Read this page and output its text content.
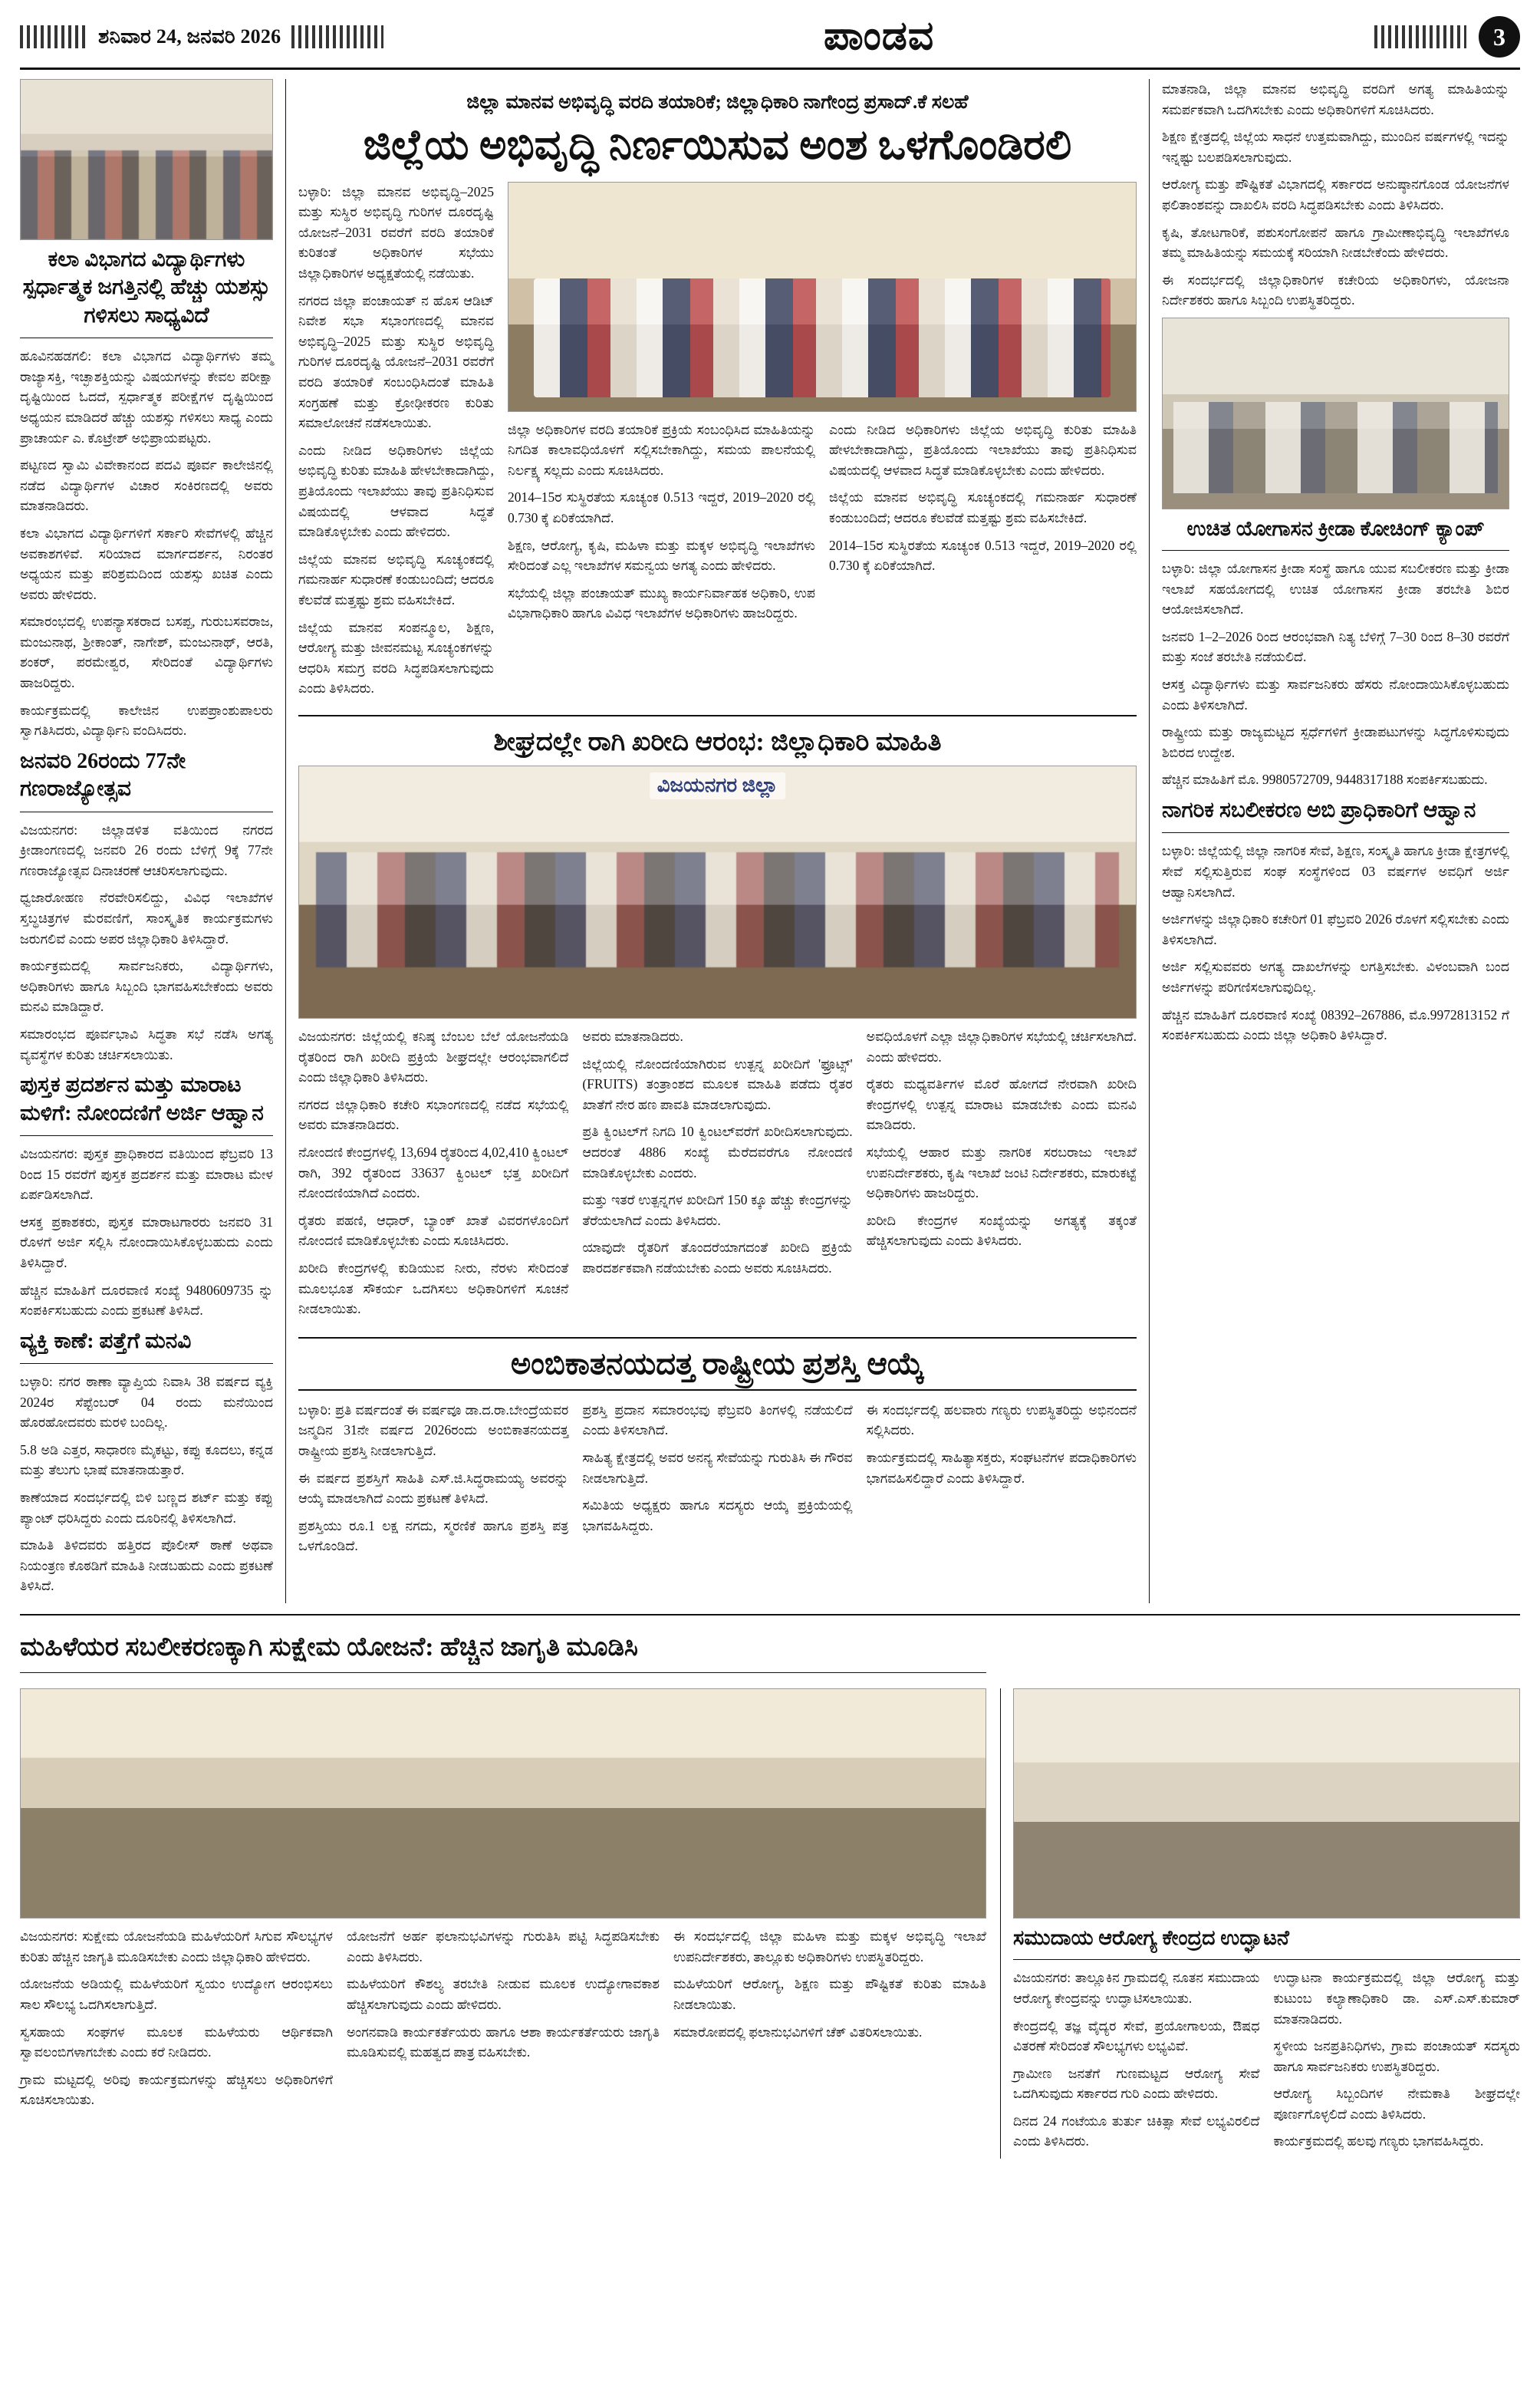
ಶನಿವಾರ 24, ಜನವರಿ 2026	ಪಾಂಡವ	3
ಕಲಾ ವಿಭಾಗದ ವಿದ್ಯಾರ್ಥಿಗಳು ಸ್ಪರ್ಧಾತ್ಮಕ ಜಗತ್ತಿನಲ್ಲಿ ಹೆಚ್ಚು ಯಶಸ್ಸು ಗಳಿಸಲು ಸಾಧ್ಯವಿದೆ

ಹೂವಿನಹಡಗಲಿ: ಕಲಾ ವಿಭಾಗದ ವಿದ್ಯಾರ್ಥಿಗಳು ತಮ್ಮ ರಾಜ್ಯಾಸಕ್ತಿ, ಇಚ್ಛಾಶಕ್ತಿಯನ್ನು ವಿಷಯಗಳನ್ನು ಕೇವಲ ಪರೀಕ್ಷಾ ದೃಷ್ಟಿಯಿಂದ ಓದದೆ, ಸ್ಪರ್ಧಾತ್ಮಕ ಪರೀಕ್ಷೆಗಳ ದೃಷ್ಟಿಯಿಂದ ಅಧ್ಯಯನ ಮಾಡಿದರೆ ಹೆಚ್ಚು ಯಶಸ್ಸು ಗಳಿಸಲು ಸಾಧ್ಯ ಎಂದು ಪ್ರಾಚಾರ್ಯ ಎ. ಕೊಟ್ರೇಶ್ ಅಭಿಪ್ರಾಯಪಟ್ಟರು.

ಪಟ್ಟಣದ ಸ್ವಾಮಿ ವಿವೇಕಾನಂದ ಪದವಿ ಪೂರ್ವ ಕಾಲೇಜಿನಲ್ಲಿ ನಡೆದ ವಿದ್ಯಾರ್ಥಿಗಳ ವಿಚಾರ ಸಂಕಿರಣದಲ್ಲಿ ಅವರು ಮಾತನಾಡಿದರು.

ಕಲಾ ವಿಭಾಗದ ವಿದ್ಯಾರ್ಥಿಗಳಿಗೆ ಸರ್ಕಾರಿ ಸೇವೆಗಳಲ್ಲಿ ಹೆಚ್ಚಿನ ಅವಕಾಶಗಳಿವೆ. ಸರಿಯಾದ ಮಾರ್ಗದರ್ಶನ, ನಿರಂತರ ಅಧ್ಯಯನ ಮತ್ತು ಪರಿಶ್ರಮದಿಂದ ಯಶಸ್ಸು ಖಚಿತ ಎಂದು ಅವರು ಹೇಳಿದರು.

ಸಮಾರಂಭದಲ್ಲಿ ಉಪನ್ಯಾಸಕರಾದ ಬಸಪ್ಪ, ಗುರುಬಸವರಾಜ, ಮಂಜುನಾಥ, ಶ್ರೀಕಾಂತ್, ನಾಗೇಶ್, ಮಂಜುನಾಥ್, ಆರತಿ, ಶಂಕರ್, ಪರಮೇಶ್ವರ, ಸೇರಿದಂತೆ ವಿದ್ಯಾರ್ಥಿಗಳು ಹಾಜರಿದ್ದರು.

ಕಾರ್ಯಕ್ರಮದಲ್ಲಿ ಕಾಲೇಜಿನ ಉಪಪ್ರಾಂಶುಪಾಲರು ಸ್ವಾಗತಿಸಿದರು, ವಿದ್ಯಾರ್ಥಿನಿ ವಂದಿಸಿದರು.

ಜನವರಿ 26ರಂದು 77ನೇ ಗಣರಾಜ್ಯೋತ್ಸವ

ವಿಜಯನಗರ: ಜಿಲ್ಲಾಡಳಿತ ವತಿಯಿಂದ ನಗರದ ಕ್ರೀಡಾಂಗಣದಲ್ಲಿ ಜನವರಿ 26 ರಂದು ಬೆಳಿಗ್ಗೆ 9ಕ್ಕೆ 77ನೇ ಗಣರಾಜ್ಯೋತ್ಸವ ದಿನಾಚರಣೆ ಆಚರಿಸಲಾಗುವುದು.

ಧ್ವಜಾರೋಹಣ ನೆರವೇರಿಸಲಿದ್ದು, ವಿವಿಧ ಇಲಾಖೆಗಳ ಸ್ತಬ್ಧಚಿತ್ರಗಳ ಮೆರವಣಿಗೆ, ಸಾಂಸ್ಕೃತಿಕ ಕಾರ್ಯಕ್ರಮಗಳು ಜರುಗಲಿವೆ ಎಂದು ಅಪರ ಜಿಲ್ಲಾಧಿಕಾರಿ ತಿಳಿಸಿದ್ದಾರೆ.

ಕಾರ್ಯಕ್ರಮದಲ್ಲಿ ಸಾರ್ವಜನಿಕರು, ವಿದ್ಯಾರ್ಥಿಗಳು, ಅಧಿಕಾರಿಗಳು ಹಾಗೂ ಸಿಬ್ಬಂದಿ ಭಾಗವಹಿಸಬೇಕೆಂದು ಅವರು ಮನವಿ ಮಾಡಿದ್ದಾರೆ.

ಸಮಾರಂಭದ ಪೂರ್ವಭಾವಿ ಸಿದ್ಧತಾ ಸಭೆ ನಡೆಸಿ ಅಗತ್ಯ ವ್ಯವಸ್ಥೆಗಳ ಕುರಿತು ಚರ್ಚಿಸಲಾಯಿತು.

ಪುಸ್ತಕ ಪ್ರದರ್ಶನ ಮತ್ತು ಮಾರಾಟ ಮಳಿಗೆ: ನೋಂದಣಿಗೆ ಅರ್ಜಿ ಆಹ್ವಾನ

ವಿಜಯನಗರ: ಪುಸ್ತಕ ಪ್ರಾಧಿಕಾರದ ವತಿಯಿಂದ ಫೆಬ್ರವರಿ 13 ರಿಂದ 15 ರವರೆಗೆ ಪುಸ್ತಕ ಪ್ರದರ್ಶನ ಮತ್ತು ಮಾರಾಟ ಮೇಳ ಏರ್ಪಡಿಸಲಾಗಿದೆ.

ಆಸಕ್ತ ಪ್ರಕಾಶಕರು, ಪುಸ್ತಕ ಮಾರಾಟಗಾರರು ಜನವರಿ 31 ರೊಳಗೆ ಅರ್ಜಿ ಸಲ್ಲಿಸಿ ನೋಂದಾಯಿಸಿಕೊಳ್ಳಬಹುದು ಎಂದು ತಿಳಿಸಿದ್ದಾರೆ.

ಹೆಚ್ಚಿನ ಮಾಹಿತಿಗೆ ದೂರವಾಣಿ ಸಂಖ್ಯೆ 9480609735 ನ್ನು ಸಂಪರ್ಕಿಸಬಹುದು ಎಂದು ಪ್ರಕಟಣೆ ತಿಳಿಸಿದೆ.

ವ್ಯಕ್ತಿ ಕಾಣೆ: ಪತ್ತೆಗೆ ಮನವಿ

ಬಳ್ಳಾರಿ: ನಗರ ಠಾಣಾ ವ್ಯಾಪ್ತಿಯ ನಿವಾಸಿ 38 ವರ್ಷದ ವ್ಯಕ್ತಿ 2024ರ ಸೆಪ್ಟೆಂಬರ್ 04 ರಂದು ಮನೆಯಿಂದ ಹೊರಹೋದವರು ಮರಳಿ ಬಂದಿಲ್ಲ.

5.8 ಅಡಿ ಎತ್ತರ, ಸಾಧಾರಣ ಮೈಕಟ್ಟು, ಕಪ್ಪು ಕೂದಲು, ಕನ್ನಡ ಮತ್ತು ತೆಲುಗು ಭಾಷೆ ಮಾತನಾಡುತ್ತಾರೆ.

ಕಾಣೆಯಾದ ಸಂದರ್ಭದಲ್ಲಿ ಬಿಳಿ ಬಣ್ಣದ ಶರ್ಟ್ ಮತ್ತು ಕಪ್ಪು ಪ್ಯಾಂಟ್ ಧರಿಸಿದ್ದರು ಎಂದು ದೂರಿನಲ್ಲಿ ತಿಳಿಸಲಾಗಿದೆ.

ಮಾಹಿತಿ ತಿಳಿದವರು ಹತ್ತಿರದ ಪೊಲೀಸ್ ಠಾಣೆ ಅಥವಾ ನಿಯಂತ್ರಣ ಕೊಠಡಿಗೆ ಮಾಹಿತಿ ನೀಡಬಹುದು ಎಂದು ಪ್ರಕಟಣೆ ತಿಳಿಸಿದೆ.

ಜಿಲ್ಲಾ ಮಾನವ ಅಭಿವೃದ್ಧಿ ವರದಿ ತಯಾರಿಕೆ; ಜಿಲ್ಲಾಧಿಕಾರಿ ನಾಗೇಂದ್ರ ಪ್ರಸಾದ್.ಕೆ ಸಲಹೆ
ಜಿಲ್ಲೆಯ ಅಭಿವೃದ್ಧಿ ನಿರ್ಣಯಿಸುವ ಅಂಶ ಒಳಗೊಂಡಿರಲಿ

ಬಳ್ಳಾರಿ: ಜಿಲ್ಲಾ ಮಾನವ ಅಭಿವೃದ್ಧಿ–2025 ಮತ್ತು ಸುಸ್ಥಿರ ಅಭಿವೃದ್ಧಿ ಗುರಿಗಳ ದೂರದೃಷ್ಟಿ ಯೋಜನೆ–2031 ರವರೆಗೆ ವರದಿ ತಯಾರಿಕೆ ಕುರಿತಂತೆ ಅಧಿಕಾರಿಗಳ ಸಭೆಯು ಜಿಲ್ಲಾಧಿಕಾರಿಗಳ ಅಧ್ಯಕ್ಷತೆಯಲ್ಲಿ ನಡೆಯಿತು.

ನಗರದ ಜಿಲ್ಲಾ ಪಂಚಾಯತ್ ನ ಹೊಸ ಆಡಿಟ್ ನಿವೇಶ ಸಭಾ ಸಭಾಂಗಣದಲ್ಲಿ ಮಾನವ ಅಭಿವೃದ್ಧಿ–2025 ಮತ್ತು ಸುಸ್ಥಿರ ಅಭಿವೃದ್ಧಿ ಗುರಿಗಳ ದೂರದೃಷ್ಟಿ ಯೋಜನೆ–2031 ರವರೆಗೆ ವರದಿ ತಯಾರಿಕೆ ಸಂಬಂಧಿಸಿದಂತೆ ಮಾಹಿತಿ ಸಂಗ್ರಹಣೆ ಮತ್ತು ಕ್ರೋಢೀಕರಣ ಕುರಿತು ಸಮಾಲೋಚನೆ ನಡೆಸಲಾಯಿತು.

ಎಂದು ನೀಡಿದ ಅಧಿಕಾರಿಗಳು ಜಿಲ್ಲೆಯ ಅಭಿವೃದ್ಧಿ ಕುರಿತು ಮಾಹಿತಿ ಹೇಳಬೇಕಾದಾಗಿದ್ದು, ಪ್ರತಿಯೊಂದು ಇಲಾಖೆಯು ತಾವು ಪ್ರತಿನಿಧಿಸುವ ವಿಷಯದಲ್ಲಿ ಆಳವಾದ ಸಿದ್ಧತೆ ಮಾಡಿಕೊಳ್ಳಬೇಕು ಎಂದು ಹೇಳಿದರು.

ಜಿಲ್ಲೆಯ ಮಾನವ ಅಭಿವೃದ್ಧಿ ಸೂಚ್ಯಂಕದಲ್ಲಿ ಗಮನಾರ್ಹ ಸುಧಾರಣೆ ಕಂಡುಬಂದಿದೆ; ಆದರೂ ಕೆಲವೆಡೆ ಮತ್ತಷ್ಟು ಶ್ರಮ ವಹಿಸಬೇಕಿದೆ.

ಜಿಲ್ಲೆಯ ಮಾನವ ಸಂಪನ್ಮೂಲ, ಶಿಕ್ಷಣ, ಆರೋಗ್ಯ ಮತ್ತು ಜೀವನಮಟ್ಟ ಸೂಚ್ಯಂಕಗಳನ್ನು ಆಧರಿಸಿ ಸಮಗ್ರ ವರದಿ ಸಿದ್ಧಪಡಿಸಲಾಗುವುದು ಎಂದು ತಿಳಿಸಿದರು.

ಜಿಲ್ಲಾ ಅಧಿಕಾರಿಗಳ ವರದಿ ತಯಾರಿಕೆ ಪ್ರಕ್ರಿಯೆ ಸಂಬಂಧಿಸಿದ ಮಾಹಿತಿಯನ್ನು ನಿಗದಿತ ಕಾಲಾವಧಿಯೊಳಗೆ ಸಲ್ಲಿಸಬೇಕಾಗಿದ್ದು, ಸಮಯ ಪಾಲನೆಯಲ್ಲಿ ನಿರ್ಲಕ್ಷ್ಯ ಸಲ್ಲದು ಎಂದು ಸೂಚಿಸಿದರು.

2014–15ರ ಸುಸ್ಥಿರತೆಯ ಸೂಚ್ಯಂಕ 0.513 ಇದ್ದರೆ, 2019–2020 ರಲ್ಲಿ 0.730 ಕ್ಕೆ ಏರಿಕೆಯಾಗಿದೆ.

ಶಿಕ್ಷಣ, ಆರೋಗ್ಯ, ಕೃಷಿ, ಮಹಿಳಾ ಮತ್ತು ಮಕ್ಕಳ ಅಭಿವೃದ್ಧಿ ಇಲಾಖೆಗಳು ಸೇರಿದಂತೆ ಎಲ್ಲ ಇಲಾಖೆಗಳ ಸಮನ್ವಯ ಅಗತ್ಯ ಎಂದು ಹೇಳಿದರು.

ಸಭೆಯಲ್ಲಿ ಜಿಲ್ಲಾ ಪಂಚಾಯತ್ ಮುಖ್ಯ ಕಾರ್ಯನಿರ್ವಾಹಕ ಅಧಿಕಾರಿ, ಉಪ ವಿಭಾಗಾಧಿಕಾರಿ ಹಾಗೂ ವಿವಿಧ ಇಲಾಖೆಗಳ ಅಧಿಕಾರಿಗಳು ಹಾಜರಿದ್ದರು.

ಎಂದು ನೀಡಿದ ಅಧಿಕಾರಿಗಳು ಜಿಲ್ಲೆಯ ಅಭಿವೃದ್ಧಿ ಕುರಿತು ಮಾಹಿತಿ ಹೇಳಬೇಕಾದಾಗಿದ್ದು, ಪ್ರತಿಯೊಂದು ಇಲಾಖೆಯು ತಾವು ಪ್ರತಿನಿಧಿಸುವ ವಿಷಯದಲ್ಲಿ ಆಳವಾದ ಸಿದ್ಧತೆ ಮಾಡಿಕೊಳ್ಳಬೇಕು ಎಂದು ಹೇಳಿದರು.

ಜಿಲ್ಲೆಯ ಮಾನವ ಅಭಿವೃದ್ಧಿ ಸೂಚ್ಯಂಕದಲ್ಲಿ ಗಮನಾರ್ಹ ಸುಧಾರಣೆ ಕಂಡುಬಂದಿದೆ; ಆದರೂ ಕೆಲವೆಡೆ ಮತ್ತಷ್ಟು ಶ್ರಮ ವಹಿಸಬೇಕಿದೆ.

2014–15ರ ಸುಸ್ಥಿರತೆಯ ಸೂಚ್ಯಂಕ 0.513 ಇದ್ದರೆ, 2019–2020 ರಲ್ಲಿ 0.730 ಕ್ಕೆ ಏರಿಕೆಯಾಗಿದೆ.

ಶೀಘ್ರದಲ್ಲೇ ರಾಗಿ ಖರೀದಿ ಆರಂಭ: ಜಿಲ್ಲಾಧಿಕಾರಿ ಮಾಹಿತಿ
ವಿಜಯನಗರ ಜಿಲ್ಲಾ

ವಿಜಯನಗರ: ಜಿಲ್ಲೆಯಲ್ಲಿ ಕನಿಷ್ಠ ಬೆಂಬಲ ಬೆಲೆ ಯೋಜನೆಯಡಿ ರೈತರಿಂದ ರಾಗಿ ಖರೀದಿ ಪ್ರಕ್ರಿಯೆ ಶೀಘ್ರದಲ್ಲೇ ಆರಂಭವಾಗಲಿದೆ ಎಂದು ಜಿಲ್ಲಾಧಿಕಾರಿ ತಿಳಿಸಿದರು.

ನಗರದ ಜಿಲ್ಲಾಧಿಕಾರಿ ಕಚೇರಿ ಸಭಾಂಗಣದಲ್ಲಿ ನಡೆದ ಸಭೆಯಲ್ಲಿ ಅವರು ಮಾತನಾಡಿದರು.

ನೋಂದಣಿ ಕೇಂದ್ರಗಳಲ್ಲಿ 13,694 ರೈತರಿಂದ 4,02,410 ಕ್ವಿಂಟಲ್ ರಾಗಿ, 392 ರೈತರಿಂದ 33637 ಕ್ವಿಂಟಲ್ ಭತ್ತ ಖರೀದಿಗೆ ನೋಂದಣಿಯಾಗಿದೆ ಎಂದರು.

ರೈತರು ಪಹಣಿ, ಆಧಾರ್, ಬ್ಯಾಂಕ್ ಖಾತೆ ವಿವರಗಳೊಂದಿಗೆ ನೋಂದಣಿ ಮಾಡಿಕೊಳ್ಳಬೇಕು ಎಂದು ಸೂಚಿಸಿದರು.

ಖರೀದಿ ಕೇಂದ್ರಗಳಲ್ಲಿ ಕುಡಿಯುವ ನೀರು, ನೆರಳು ಸೇರಿದಂತೆ ಮೂಲಭೂತ ಸೌಕರ್ಯ ಒದಗಿಸಲು ಅಧಿಕಾರಿಗಳಿಗೆ ಸೂಚನೆ ನೀಡಲಾಯಿತು.

ಅವರು ಮಾತನಾಡಿದರು.

ಜಿಲ್ಲೆಯಲ್ಲಿ ನೋಂದಣಿಯಾಗಿರುವ ಉತ್ಪನ್ನ ಖರೀದಿಗೆ 'ಫ್ರೂಟ್ಸ್' (FRUITS) ತಂತ್ರಾಂಶದ ಮೂಲಕ ಮಾಹಿತಿ ಪಡೆದು ರೈತರ ಖಾತೆಗೆ ನೇರ ಹಣ ಪಾವತಿ ಮಾಡಲಾಗುವುದು.

ಪ್ರತಿ ಕ್ವಿಂಟಲ್‌ಗೆ ನಿಗದಿ 10 ಕ್ವಿಂಟಲ್‌ವರೆಗೆ ಖರೀದಿಸಲಾಗುವುದು. ಆದರಂತೆ 4886 ಸಂಖ್ಯೆ ಮೆರೆದವರೆಗೂ ನೋಂದಣಿ ಮಾಡಿಕೊಳ್ಳಬೇಕು ಎಂದರು.

ಮತ್ತು ಇತರೆ ಉತ್ಪನ್ನಗಳ ಖರೀದಿಗೆ 150 ಕ್ಕೂ ಹೆಚ್ಚು ಕೇಂದ್ರಗಳನ್ನು ತೆರೆಯಲಾಗಿದೆ ಎಂದು ತಿಳಿಸಿದರು.

ಯಾವುದೇ ರೈತರಿಗೆ ತೊಂದರೆಯಾಗದಂತೆ ಖರೀದಿ ಪ್ರಕ್ರಿಯೆ ಪಾರದರ್ಶಕವಾಗಿ ನಡೆಯಬೇಕು ಎಂದು ಅವರು ಸೂಚಿಸಿದರು.

ಅವಧಿಯೊಳಗೆ ಎಲ್ಲಾ ಜಿಲ್ಲಾಧಿಕಾರಿಗಳ ಸಭೆಯಲ್ಲಿ ಚರ್ಚಿಸಲಾಗಿದೆ. ಎಂದು ಹೇಳಿದರು.

ರೈತರು ಮಧ್ಯವರ್ತಿಗಳ ಮೊರೆ ಹೋಗದೆ ನೇರವಾಗಿ ಖರೀದಿ ಕೇಂದ್ರಗಳಲ್ಲಿ ಉತ್ಪನ್ನ ಮಾರಾಟ ಮಾಡಬೇಕು ಎಂದು ಮನವಿ ಮಾಡಿದರು.

ಸಭೆಯಲ್ಲಿ ಆಹಾರ ಮತ್ತು ನಾಗರಿಕ ಸರಬರಾಜು ಇಲಾಖೆ ಉಪನಿರ್ದೇಶಕರು, ಕೃಷಿ ಇಲಾಖೆ ಜಂಟಿ ನಿರ್ದೇಶಕರು, ಮಾರುಕಟ್ಟೆ ಅಧಿಕಾರಿಗಳು ಹಾಜರಿದ್ದರು.

ಖರೀದಿ ಕೇಂದ್ರಗಳ ಸಂಖ್ಯೆಯನ್ನು ಅಗತ್ಯಕ್ಕೆ ತಕ್ಕಂತೆ ಹೆಚ್ಚಿಸಲಾಗುವುದು ಎಂದು ತಿಳಿಸಿದರು.

ಅಂಬಿಕಾತನಯದತ್ತ ರಾಷ್ಟ್ರೀಯ ಪ್ರಶಸ್ತಿ ಆಯ್ಕೆ

ಬಳ್ಳಾರಿ: ಪ್ರತಿ ವರ್ಷದಂತೆ ಈ ವರ್ಷವೂ ಡಾ.ದ.ರಾ.ಬೇಂದ್ರೆಯವರ ಜನ್ಮದಿನ 31ನೇ ವರ್ಷದ 2026ರಂದು ಅಂಬಿಕಾತನಯದತ್ತ ರಾಷ್ಟ್ರೀಯ ಪ್ರಶಸ್ತಿ ನೀಡಲಾಗುತ್ತಿದೆ.

ಈ ವರ್ಷದ ಪ್ರಶಸ್ತಿಗೆ ಸಾಹಿತಿ ಎಸ್.ಜಿ.ಸಿದ್ಧರಾಮಯ್ಯ ಅವರನ್ನು ಆಯ್ಕೆ ಮಾಡಲಾಗಿದೆ ಎಂದು ಪ್ರಕಟಣೆ ತಿಳಿಸಿದೆ.

ಪ್ರಶಸ್ತಿಯು ರೂ.1 ಲಕ್ಷ ನಗದು, ಸ್ಮರಣಿಕೆ ಹಾಗೂ ಪ್ರಶಸ್ತಿ ಪತ್ರ ಒಳಗೊಂಡಿದೆ.

ಪ್ರಶಸ್ತಿ ಪ್ರದಾನ ಸಮಾರಂಭವು ಫೆಬ್ರವರಿ ತಿಂಗಳಲ್ಲಿ ನಡೆಯಲಿದೆ ಎಂದು ತಿಳಿಸಲಾಗಿದೆ.

ಸಾಹಿತ್ಯ ಕ್ಷೇತ್ರದಲ್ಲಿ ಅವರ ಅನನ್ಯ ಸೇವೆಯನ್ನು ಗುರುತಿಸಿ ಈ ಗೌರವ ನೀಡಲಾಗುತ್ತಿದೆ.

ಸಮಿತಿಯ ಅಧ್ಯಕ್ಷರು ಹಾಗೂ ಸದಸ್ಯರು ಆಯ್ಕೆ ಪ್ರಕ್ರಿಯೆಯಲ್ಲಿ ಭಾಗವಹಿಸಿದ್ದರು.

ಈ ಸಂದರ್ಭದಲ್ಲಿ ಹಲವಾರು ಗಣ್ಯರು ಉಪಸ್ಥಿತರಿದ್ದು ಅಭಿನಂದನೆ ಸಲ್ಲಿಸಿದರು.

ಕಾರ್ಯಕ್ರಮದಲ್ಲಿ ಸಾಹಿತ್ಯಾಸಕ್ತರು, ಸಂಘಟನೆಗಳ ಪದಾಧಿಕಾರಿಗಳು ಭಾಗವಹಿಸಲಿದ್ದಾರೆ ಎಂದು ತಿಳಿಸಿದ್ದಾರೆ.

ಮಾತನಾಡಿ, ಜಿಲ್ಲಾ ಮಾನವ ಅಭಿವೃದ್ಧಿ ವರದಿಗೆ ಅಗತ್ಯ ಮಾಹಿತಿಯನ್ನು ಸಮರ್ಪಕವಾಗಿ ಒದಗಿಸಬೇಕು ಎಂದು ಅಧಿಕಾರಿಗಳಿಗೆ ಸೂಚಿಸಿದರು.

ಶಿಕ್ಷಣ ಕ್ಷೇತ್ರದಲ್ಲಿ ಜಿಲ್ಲೆಯ ಸಾಧನೆ ಉತ್ತಮವಾಗಿದ್ದು, ಮುಂದಿನ ವರ್ಷಗಳಲ್ಲಿ ಇದನ್ನು ಇನ್ನಷ್ಟು ಬಲಪಡಿಸಲಾಗುವುದು.

ಆರೋಗ್ಯ ಮತ್ತು ಪೌಷ್ಟಿಕತೆ ವಿಭಾಗದಲ್ಲಿ ಸರ್ಕಾರದ ಅನುಷ್ಠಾನಗೊಂಡ ಯೋಜನೆಗಳ ಫಲಿತಾಂಶವನ್ನು ದಾಖಲಿಸಿ ವರದಿ ಸಿದ್ಧಪಡಿಸಬೇಕು ಎಂದು ತಿಳಿಸಿದರು.

ಕೃಷಿ, ತೋಟಗಾರಿಕೆ, ಪಶುಸಂಗೋಪನೆ ಹಾಗೂ ಗ್ರಾಮೀಣಾಭಿವೃದ್ಧಿ ಇಲಾಖೆಗಳೂ ತಮ್ಮ ಮಾಹಿತಿಯನ್ನು ಸಮಯಕ್ಕೆ ಸರಿಯಾಗಿ ನೀಡಬೇಕೆಂದು ಹೇಳಿದರು.

ಈ ಸಂದರ್ಭದಲ್ಲಿ ಜಿಲ್ಲಾಧಿಕಾರಿಗಳ ಕಚೇರಿಯ ಅಧಿಕಾರಿಗಳು, ಯೋಜನಾ ನಿರ್ದೇಶಕರು ಹಾಗೂ ಸಿಬ್ಬಂದಿ ಉಪಸ್ಥಿತರಿದ್ದರು.

ಉಚಿತ ಯೋಗಾಸನ ಕ್ರೀಡಾ ಕೋಚಿಂಗ್ ಕ್ಯಾಂಪ್

ಬಳ್ಳಾರಿ: ಜಿಲ್ಲಾ ಯೋಗಾಸನ ಕ್ರೀಡಾ ಸಂಸ್ಥೆ ಹಾಗೂ ಯುವ ಸಬಲೀಕರಣ ಮತ್ತು ಕ್ರೀಡಾ ಇಲಾಖೆ ಸಹಯೋಗದಲ್ಲಿ ಉಚಿತ ಯೋಗಾಸನ ಕ್ರೀಡಾ ತರಬೇತಿ ಶಿಬಿರ ಆಯೋಜಿಸಲಾಗಿದೆ.

ಜನವರಿ 1–2–2026 ರಿಂದ ಆರಂಭವಾಗಿ ನಿತ್ಯ ಬೆಳಿಗ್ಗೆ 7–30 ರಿಂದ 8–30 ರವರೆಗೆ ಮತ್ತು ಸಂಜೆ ತರಬೇತಿ ನಡೆಯಲಿದೆ.

ಆಸಕ್ತ ವಿದ್ಯಾರ್ಥಿಗಳು ಮತ್ತು ಸಾರ್ವಜನಿಕರು ಹೆಸರು ನೋಂದಾಯಿಸಿಕೊಳ್ಳಬಹುದು ಎಂದು ತಿಳಿಸಲಾಗಿದೆ.

ರಾಷ್ಟ್ರೀಯ ಮತ್ತು ರಾಜ್ಯಮಟ್ಟದ ಸ್ಪರ್ಧೆಗಳಿಗೆ ಕ್ರೀಡಾಪಟುಗಳನ್ನು ಸಿದ್ಧಗೊಳಿಸುವುದು ಶಿಬಿರದ ಉದ್ದೇಶ.

ಹೆಚ್ಚಿನ ಮಾಹಿತಿಗೆ ಮೊ. 9980572709, 9448317188 ಸಂಪರ್ಕಿಸಬಹುದು.

ನಾಗರಿಕ ಸಬಲೀಕರಣ ಅಬಿ ಪ್ರಾಧಿಕಾರಿಗೆ ಆಹ್ವಾನ

ಬಳ್ಳಾರಿ: ಜಿಲ್ಲೆಯಲ್ಲಿ ಜಿಲ್ಲಾ ನಾಗರಿಕ ಸೇವೆ, ಶಿಕ್ಷಣ, ಸಂಸ್ಕೃತಿ ಹಾಗೂ ಕ್ರೀಡಾ ಕ್ಷೇತ್ರಗಳಲ್ಲಿ ಸೇವೆ ಸಲ್ಲಿಸುತ್ತಿರುವ ಸಂಘ ಸಂಸ್ಥೆಗಳಿಂದ 03 ವರ್ಷಗಳ ಅವಧಿಗೆ ಅರ್ಜಿ ಆಹ್ವಾನಿಸಲಾಗಿದೆ.

ಅರ್ಜಿಗಳನ್ನು ಜಿಲ್ಲಾಧಿಕಾರಿ ಕಚೇರಿಗೆ 01 ಫೆಬ್ರವರಿ 2026 ರೊಳಗೆ ಸಲ್ಲಿಸಬೇಕು ಎಂದು ತಿಳಿಸಲಾಗಿದೆ.

ಅರ್ಜಿ ಸಲ್ಲಿಸುವವರು ಅಗತ್ಯ ದಾಖಲೆಗಳನ್ನು ಲಗತ್ತಿಸಬೇಕು. ವಿಳಂಬವಾಗಿ ಬಂದ ಅರ್ಜಿಗಳನ್ನು ಪರಿಗಣಿಸಲಾಗುವುದಿಲ್ಲ.

ಹೆಚ್ಚಿನ ಮಾಹಿತಿಗೆ ದೂರವಾಣಿ ಸಂಖ್ಯೆ 08392–267886, ಮೊ.9972813152 ಗೆ ಸಂಪರ್ಕಿಸಬಹುದು ಎಂದು ಜಿಲ್ಲಾ ಅಧಿಕಾರಿ ತಿಳಿಸಿದ್ದಾರೆ.

ಮಹಿಳೆಯರ ಸಬಲೀಕರಣಕ್ಕಾಗಿ ಸುಕ್ಷೇಮ ಯೋಜನೆ: ಹೆಚ್ಚಿನ ಜಾಗೃತಿ ಮೂಡಿಸಿ

ವಿಜಯನಗರ: ಸುಕ್ಷೇಮ ಯೋಜನೆಯಡಿ ಮಹಿಳೆಯರಿಗೆ ಸಿಗುವ ಸೌಲಭ್ಯಗಳ ಕುರಿತು ಹೆಚ್ಚಿನ ಜಾಗೃತಿ ಮೂಡಿಸಬೇಕು ಎಂದು ಜಿಲ್ಲಾಧಿಕಾರಿ ಹೇಳಿದರು.

ಯೋಜನೆಯ ಅಡಿಯಲ್ಲಿ ಮಹಿಳೆಯರಿಗೆ ಸ್ವಯಂ ಉದ್ಯೋಗ ಆರಂಭಿಸಲು ಸಾಲ ಸೌಲಭ್ಯ ಒದಗಿಸಲಾಗುತ್ತಿದೆ.

ಸ್ವಸಹಾಯ ಸಂಘಗಳ ಮೂಲಕ ಮಹಿಳೆಯರು ಆರ್ಥಿಕವಾಗಿ ಸ್ವಾವಲಂಬಿಗಳಾಗಬೇಕು ಎಂದು ಕರೆ ನೀಡಿದರು.

ಗ್ರಾಮ ಮಟ್ಟದಲ್ಲಿ ಅರಿವು ಕಾರ್ಯಕ್ರಮಗಳನ್ನು ಹೆಚ್ಚಿಸಲು ಅಧಿಕಾರಿಗಳಿಗೆ ಸೂಚಿಸಲಾಯಿತು.

ಯೋಜನೆಗೆ ಅರ್ಹ ಫಲಾನುಭವಿಗಳನ್ನು ಗುರುತಿಸಿ ಪಟ್ಟಿ ಸಿದ್ಧಪಡಿಸಬೇಕು ಎಂದು ತಿಳಿಸಿದರು.

ಮಹಿಳೆಯರಿಗೆ ಕೌಶಲ್ಯ ತರಬೇತಿ ನೀಡುವ ಮೂಲಕ ಉದ್ಯೋಗಾವಕಾಶ ಹೆಚ್ಚಿಸಲಾಗುವುದು ಎಂದು ಹೇಳಿದರು.

ಅಂಗನವಾಡಿ ಕಾರ್ಯಕರ್ತೆಯರು ಹಾಗೂ ಆಶಾ ಕಾರ್ಯಕರ್ತೆಯರು ಜಾಗೃತಿ ಮೂಡಿಸುವಲ್ಲಿ ಮಹತ್ವದ ಪಾತ್ರ ವಹಿಸಬೇಕು.

ಈ ಸಂದರ್ಭದಲ್ಲಿ ಜಿಲ್ಲಾ ಮಹಿಳಾ ಮತ್ತು ಮಕ್ಕಳ ಅಭಿವೃದ್ಧಿ ಇಲಾಖೆ ಉಪನಿರ್ದೇಶಕರು, ತಾಲ್ಲೂಕು ಅಧಿಕಾರಿಗಳು ಉಪಸ್ಥಿತರಿದ್ದರು.

ಮಹಿಳೆಯರಿಗೆ ಆರೋಗ್ಯ, ಶಿಕ್ಷಣ ಮತ್ತು ಪೌಷ್ಟಿಕತೆ ಕುರಿತು ಮಾಹಿತಿ ನೀಡಲಾಯಿತು.

ಸಮಾರೋಪದಲ್ಲಿ ಫಲಾನುಭವಿಗಳಿಗೆ ಚೆಕ್ ವಿತರಿಸಲಾಯಿತು.

ಸಮುದಾಯ ಆರೋಗ್ಯ ಕೇಂದ್ರದ ಉದ್ಘಾಟನೆ

ವಿಜಯನಗರ: ತಾಲ್ಲೂಕಿನ ಗ್ರಾಮದಲ್ಲಿ ನೂತನ ಸಮುದಾಯ ಆರೋಗ್ಯ ಕೇಂದ್ರವನ್ನು ಉದ್ಘಾಟಿಸಲಾಯಿತು.

ಕೇಂದ್ರದಲ್ಲಿ ತಜ್ಞ ವೈದ್ಯರ ಸೇವೆ, ಪ್ರಯೋಗಾಲಯ, ಔಷಧ ವಿತರಣೆ ಸೇರಿದಂತೆ ಸೌಲಭ್ಯಗಳು ಲಭ್ಯವಿವೆ.

ಗ್ರಾಮೀಣ ಜನತೆಗೆ ಗುಣಮಟ್ಟದ ಆರೋಗ್ಯ ಸೇವೆ ಒದಗಿಸುವುದು ಸರ್ಕಾರದ ಗುರಿ ಎಂದು ಹೇಳಿದರು.

ದಿನದ 24 ಗಂಟೆಯೂ ತುರ್ತು ಚಿಕಿತ್ಸಾ ಸೇವೆ ಲಭ್ಯವಿರಲಿದೆ ಎಂದು ತಿಳಿಸಿದರು.

ಉದ್ಘಾಟನಾ ಕಾರ್ಯಕ್ರಮದಲ್ಲಿ ಜಿಲ್ಲಾ ಆರೋಗ್ಯ ಮತ್ತು ಕುಟುಂಬ ಕಲ್ಯಾಣಾಧಿಕಾರಿ ಡಾ. ಎಸ್.ಎಸ್.ಕುಮಾರ್ ಮಾತನಾಡಿದರು.

ಸ್ಥಳೀಯ ಜನಪ್ರತಿನಿಧಿಗಳು, ಗ್ರಾಮ ಪಂಚಾಯತ್ ಸದಸ್ಯರು ಹಾಗೂ ಸಾರ್ವಜನಿಕರು ಉಪಸ್ಥಿತರಿದ್ದರು.

ಆರೋಗ್ಯ ಸಿಬ್ಬಂದಿಗಳ ನೇಮಕಾತಿ ಶೀಘ್ರದಲ್ಲೇ ಪೂರ್ಣಗೊಳ್ಳಲಿದೆ ಎಂದು ತಿಳಿಸಿದರು.

ಕಾರ್ಯಕ್ರಮದಲ್ಲಿ ಹಲವು ಗಣ್ಯರು ಭಾಗವಹಿಸಿದ್ದರು.
